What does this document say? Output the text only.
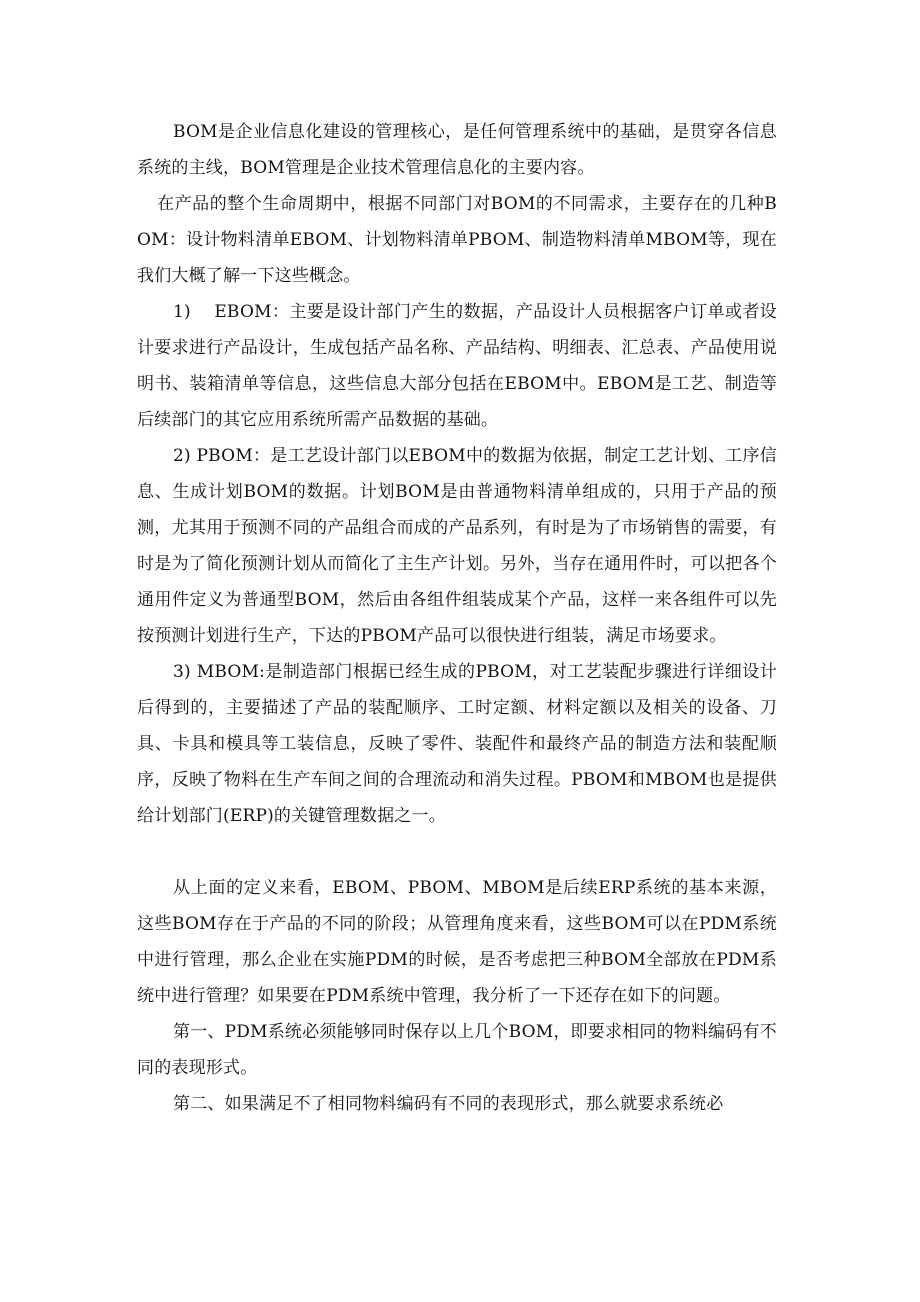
BOM是企业信息化建设的管理核心，是任何管理系统中的基础，是贯穿各信息系统的主线，BOM管理是企业技术管理信息化的主要内容。

在产品的整个生命周期中，根据不同部门对BOM的不同需求，主要存在的几种BOM：设计物料清单EBOM、计划物料清单PBOM、制造物料清单MBOM等，现在我们大概了解一下这些概念。

1)　 EBOM：主要是设计部门产生的数据，产品设计人员根据客户订单或者设计要求进行产品设计，生成包括产品名称、产品结构、明细表、汇总表、产品使用说明书、装箱清单等信息，这些信息大部分包括在EBOM中。EBOM是工艺、制造等后续部门的其它应用系统所需产品数据的基础。

2) PBOM：是工艺设计部门以EBOM中的数据为依据，制定工艺计划、工序信息、生成计划BOM的数据。计划BOM是由普通物料清单组成的，只用于产品的预测，尤其用于预测不同的产品组合而成的产品系列，有时是为了市场销售的需要，有时是为了简化预测计划从而简化了主生产计划。另外，当存在通用件时，可以把各个通用件定义为普通型BOM，然后由各组件组装成某个产品，这样一来各组件可以先按预测计划进行生产，下达的PBOM产品可以很快进行组装，满足市场要求。

3) MBOM:是制造部门根据已经生成的PBOM，对工艺装配步骤进行详细设计后得到的，主要描述了产品的装配顺序、工时定额、材料定额以及相关的设备、刀具、卡具和模具等工装信息，反映了零件、装配件和最终产品的制造方法和装配顺序，反映了物料在生产车间之间的合理流动和消失过程。PBOM和MBOM也是提供给计划部门(ERP)的关键管理数据之一。

从上面的定义来看，EBOM、PBOM、MBOM是后续ERP系统的基本来源，这些BOM存在于产品的不同的阶段；从管理角度来看，这些BOM可以在PDM系统中进行管理，那么企业在实施PDM的时候，是否考虑把三种BOM全部放在PDM系统中进行管理？如果要在PDM系统中管理，我分析了一下还存在如下的问题。

第一、PDM系统必须能够同时保存以上几个BOM，即要求相同的物料编码有不同的表现形式。

第二、如果满足不了相同物料编码有不同的表现形式，那么就要求系统必
